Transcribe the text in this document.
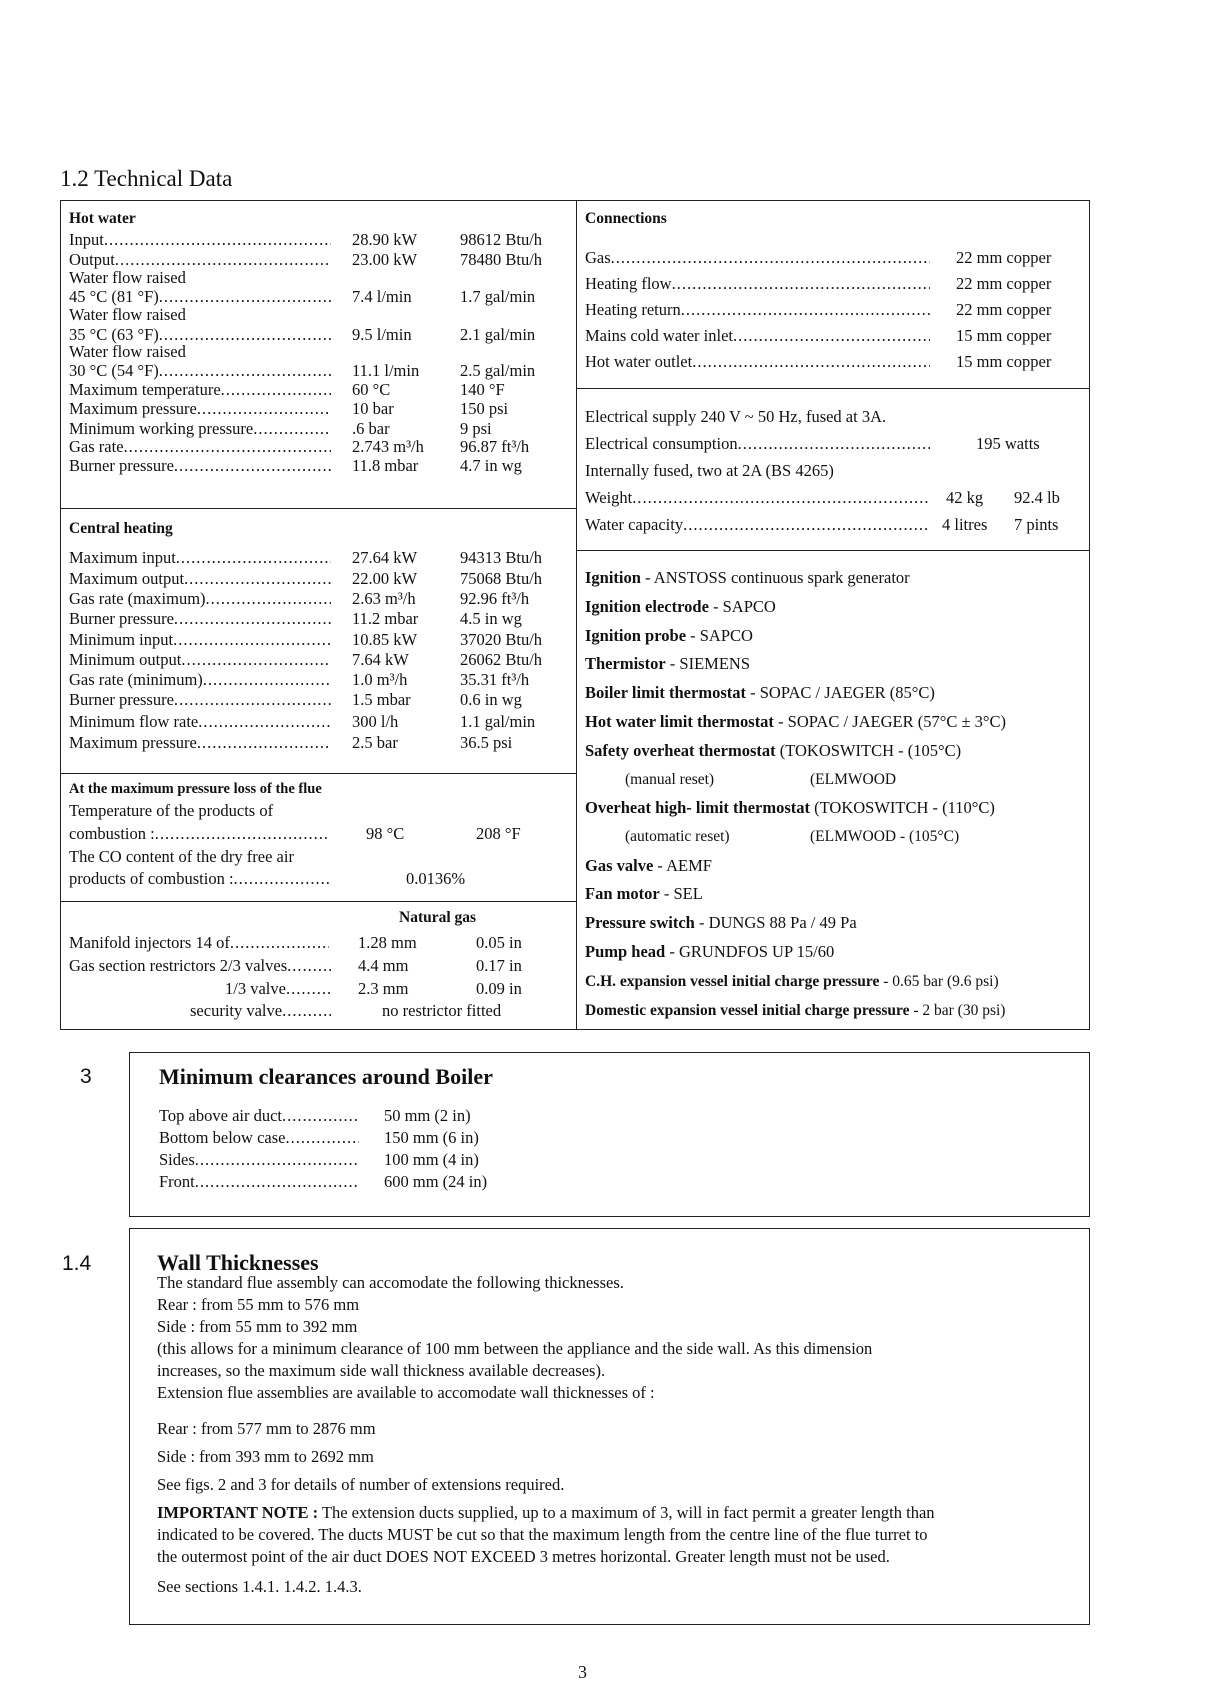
1.2 Technical Data
Hot water
Input .....	28.90 kW	98612 Btu/h
Output .....	23.00 kW	78480 Btu/h
Water flow raised
45 °C (81 °F) .....	7.4 l/min	1.7 gal/min
Water flow raised
35 °C (63 °F) .....	9.5 l/min	2.1 gal/min
Water flow raised
30 °C (54 °F) .....	11.1 l/min 2.5 gal/min
Maximum temperature .....	60 °C	140 °F
Maximum pressure .....	10 bar	150 psi
Minimum working pressure .....	.6 bar	9 psi
Gas rate .....	2.743 m³/h 96.87 ft³/h
Burner pressure .....	11.8 mbar	4.7 in wg
Central heating
Maximum input .....	27.64 kW	94313 Btu/h
Maximum output .....	22.00 kW	75068 Btu/h
Gas rate (maximum) .....	2.63 m³/h	92.96 ft³/h
Burner pressure .....	11.2 mbar	4.5 in wg
Minimum input .....	10.85 kW	37020 Btu/h
Minimum output .....	7.64 kW	26062 Btu/h
Gas rate (minimum) .....	1.0 m³/h	35.31 ft³/h
Burner pressure .....	1.5 mbar	0.6 in wg
Minimum flow rate .....	300 l/h	1.1 gal/min
Maximum pressure .....	2.5 bar	36.5 psi
At the maximum pressure loss of the flue
Temperature of the products of
combustion : .....	98 °C	208 °F
The CO content of the dry free air
products of combustion : .....	0.0136%
Natural gas
Manifold injectors 14 of .....	1.28 mm	0.05 in
Gas section restrictors 2/3 valves .....	4.4 mm	0.17 in
1/3 valve .....	2.3 mm	0.09 in
security valve .....	no restrictor fitted
Connections
Gas .....	22 mm copper
Heating flow .....	22 mm copper
Heating return .....	22 mm copper
Mains cold water inlet .....	15 mm copper
Hot water outlet .....	15 mm copper
Electrical supply 240 V ~ 50 Hz, fused at 3A.
Electrical consumption .....	195 watts
Internally fused, two at 2A (BS 4265)
Weight .....	42 kg 92.4 lb
Water capacity .....	4 litres 7 pints
Ignition - ANSTOSS continuous spark generator
Ignition electrode - SAPCO
Ignition probe - SAPCO
Thermistor - SIEMENS
Boiler limit thermostat - SOPAC / JAEGER (85°C)
Hot water limit thermostat - SOPAC / JAEGER (57°C ± 3°C)
Safety overheat thermostat (TOKOSWITCH - (105°C)
(manual reset)	(ELMWOOD
Overheat high- limit thermostat (TOKOSWITCH - (110°C)
(automatic reset)	(ELMWOOD - (105°C)
Gas valve - AEMF
Fan motor - SEL
Pressure switch - DUNGS 88 Pa / 49 Pa
Pump head - GRUNDFOS UP 15/60
C.H. expansion vessel initial charge pressure - 0.65 bar (9.6 psi)
Domestic expansion vessel initial charge pressure - 2 bar (30 psi)
3	Minimum clearances around Boiler
Top above air duct .....	50 mm (2 in)
Bottom below case .....	150 mm (6 in)
Sides .....	100 mm (4 in)
Front .....	600 mm (24 in)
1.4	Wall Thicknesses
The standard flue assembly can accomodate the following thicknesses.
Rear : from 55 mm to 576 mm
Side : from 55 mm to 392 mm
(this allows for a minimum clearance of 100 mm between the appliance and the side wall. As this dimension
increases, so the maximum side wall thickness available decreases).
Extension flue assemblies are available to accomodate wall thicknesses of :
Rear : from 577 mm to 2876 mm
Side : from 393 mm to 2692 mm
See figs. 2 and 3 for details of number of extensions required.
IMPORTANT NOTE : The extension ducts supplied, up to a maximum of 3, will in fact permit a greater length than
indicated to be covered. The ducts MUST be cut so that the maximum length from the centre line of the flue turret to
the outermost point of the air duct DOES NOT EXCEED 3 metres horizontal. Greater length must not be used.
See sections 1.4.1. 1.4.2. 1.4.3.
3
